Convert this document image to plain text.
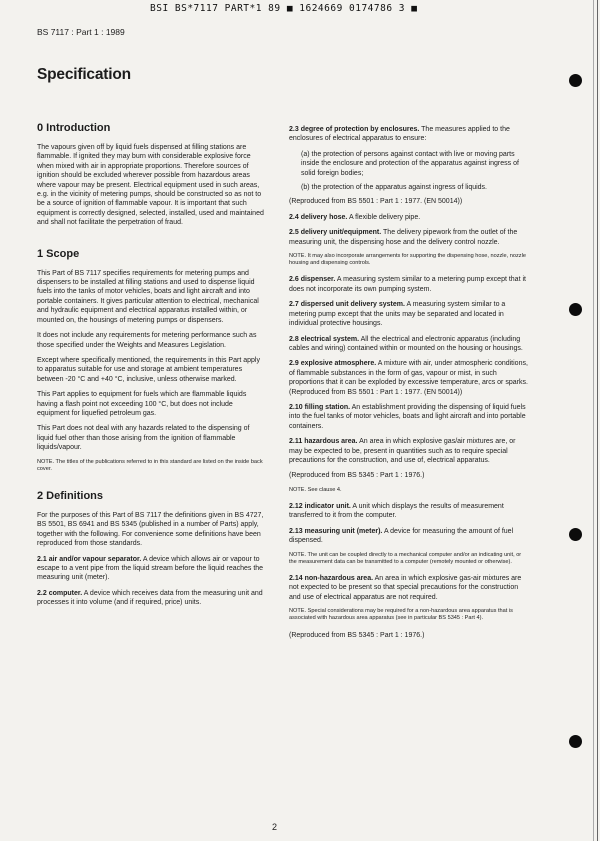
BSI BS*7117 PART*1 89 ■ 1624669 0174786 3 ■
BS 7117 : Part 1 : 1989
Specification
0 Introduction

The vapours given off by liquid fuels dispensed at filling stations are flammable. If ignited they may burn with considerable explosive force when mixed with air in appropriate proportions. Therefore sources of ignition should be excluded wherever possible from hazardous areas where vapour may be present. Electrical equipment used in such areas, e.g. in the vicinity of metering pumps, should be constructed so as not to be a source of ignition of flammable vapour. It is important that such equipment is correctly designed, selected, installed, used and maintained and shall not facilitate the perpetration of fraud.

1 Scope

This Part of BS 7117 specifies requirements for metering pumps and dispensers to be installed at filling stations and used to dispense liquid fuels into the tanks of motor vehicles, boats and light aircraft and into portable containers. It gives particular attention to electrical, mechanical and hydraulic equipment and electrical apparatus installed within, or mounted on, the housings of metering pumps or dispensers.

It does not include any requirements for metering performance such as those specified under the Weights and Measures Legislation.

Except where specifically mentioned, the requirements in this Part apply to apparatus suitable for use and storage at ambient temperatures between -20 °C and +40 °C, inclusive, unless otherwise marked.

This Part applies to equipment for fuels which are flammable liquids having a flash point not exceeding 100 °C, but does not include equipment for liquefied petroleum gas.

This Part does not deal with any hazards related to the dispensing of liquid fuel other than those arising from the ignition of flammable liquids/vapour.

NOTE. The titles of the publications referred to in this standard are listed on the inside back cover.

2 Definitions

For the purposes of this Part of BS 7117 the definitions given in BS 4727, BS 5501, BS 6941 and BS 5345 (published in a number of Parts) apply, together with the following. For convenience some definitions have been reproduced from those standards.

2.1 air and/or vapour separator. A device which allows air or vapour to escape to a vent pipe from the liquid stream before the liquid reaches the measuring unit (meter).

2.2 computer. A device which receives data from the measuring unit and processes it into volume (and if required, price) units.

2.3 degree of protection by enclosures. The measures applied to the enclosures of electrical apparatus to ensure:

(a) the protection of persons against contact with live or moving parts inside the enclosure and protection of the apparatus against ingress of solid foreign bodies;

(b) the protection of the apparatus against ingress of liquids.

(Reproduced from BS 5501 : Part 1 : 1977. (EN 50014))

2.4 delivery hose. A flexible delivery pipe.

2.5 delivery unit/equipment. The delivery pipework from the outlet of the measuring unit, the dispensing hose and the delivery control nozzle.

NOTE. It may also incorporate arrangements for supporting the dispensing hose, nozzle, nozzle housing and dispensing controls.

2.6 dispenser. A measuring system similar to a metering pump except that it does not incorporate its own pumping system.

2.7 dispersed unit delivery system. A measuring system similar to a metering pump except that the units may be separated and located in individual protective housings.

2.8 electrical system. All the electrical and electronic apparatus (including cables and wiring) contained within or mounted on the housing or housings.

2.9 explosive atmosphere. A mixture with air, under atmospheric conditions, of flammable substances in the form of gas, vapour or mist, in such proportions that it can be exploded by excessive temperature, arcs or sparks. (Reproduced from BS 5501 : Part 1 : 1977. (EN 50014))

2.10 filling station. An establishment providing the dispensing of liquid fuels into the fuel tanks of motor vehicles, boats and light aircraft and into portable containers.

2.11 hazardous area. An area in which explosive gas/air mixtures are, or may be expected to be, present in quantities such as to require special precautions for the construction, and use of, electrical apparatus.

(Reproduced from BS 5345 : Part 1 : 1976.)

NOTE. See clause 4.

2.12 indicator unit. A unit which displays the results of measurement transferred to it from the computer.

2.13 measuring unit (meter). A device for measuring the amount of fuel dispensed.

NOTE. The unit can be coupled directly to a mechanical computer and/or an indicating unit, or the measurement data can be transmitted to a computer (remotely mounted or otherwise).

2.14 non-hazardous area. An area in which explosive gas-air mixtures are not expected to be present so that special precautions for the construction and use of electrical apparatus are not required.

NOTE. Special considerations may be required for a non-hazardous area apparatus that is associated with hazardous area apparatus (see in particular BS 5345 : Part 4).

(Reproduced from BS 5345 : Part 1 : 1976.)

2
